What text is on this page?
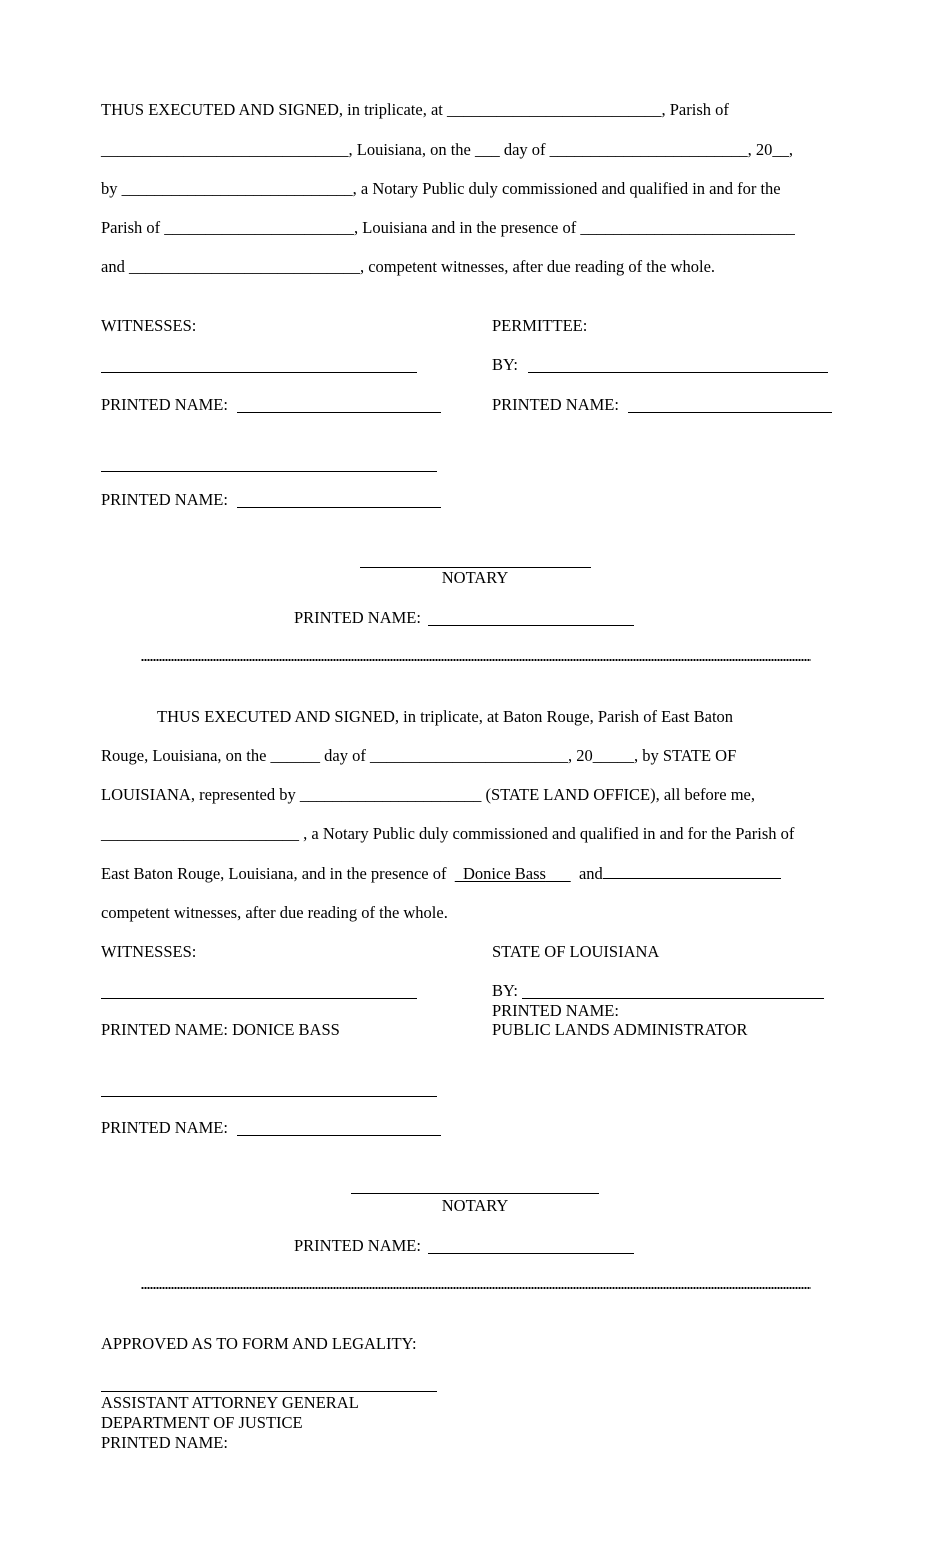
THUS EXECUTED AND SIGNED, in triplicate, at __________________________, Parish of
______________________________, Louisiana, on the ___ day of ________________________, 20__,
by ____________________________, a Notary Public duly commissioned and qualified in and for the
Parish of _______________________, Louisiana and in the presence of __________________________
and ____________________________, competent witnesses, after due reading of the whole.
WITNESSES:	PERMITTEE:
BY:
PRINTED NAME:	PRINTED NAME:
PRINTED NAME:
NOTARY
PRINTED NAME:
THUS EXECUTED AND SIGNED, in triplicate, at Baton Rouge, Parish of East Baton
Rouge, Louisiana, on the ______ day of ________________________, 20_____, by STATE OF
LOUISIANA, represented by ______________________ (STATE LAND OFFICE), all before me,
________________________ , a Notary Public duly commissioned and qualified in and for the Parish of
East Baton Rouge, Louisiana, and in the presence of Donice Bass and
competent witnesses, after due reading of the whole.
WITNESSES:	STATE OF LOUISIANA
BY:
PRINTED NAME:
PRINTED NAME: DONICE BASS	PUBLIC LANDS ADMINISTRATOR
PRINTED NAME:
NOTARY
PRINTED NAME:
APPROVED AS TO FORM AND LEGALITY:
ASSISTANT ATTORNEY GENERAL
DEPARTMENT OF JUSTICE
PRINTED NAME:
